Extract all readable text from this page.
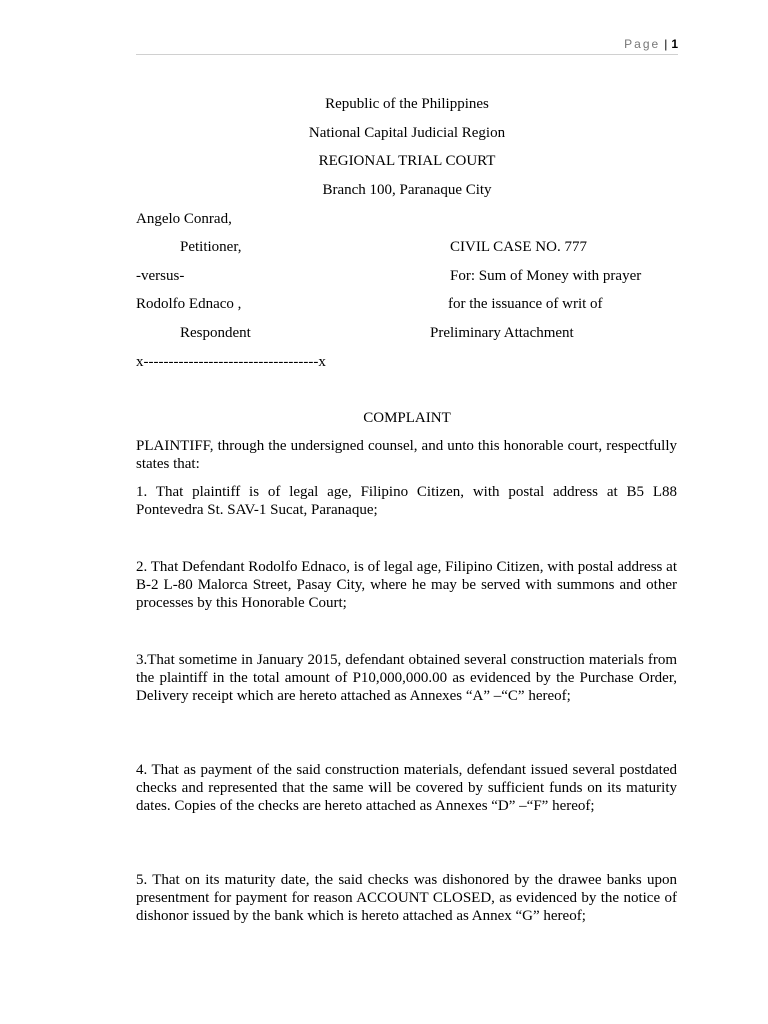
Page | 1
Republic of the Philippines
National Capital Judicial Region
REGIONAL TRIAL COURT
Branch 100, Paranaque City
Angelo Conrad,
Petitioner,	CIVIL CASE NO. 777
-versus-	For: Sum of Money with prayer
Rodolfo Ednaco ,	for the issuance of writ of
Respondent	Preliminary Attachment
x-----------------------------------x
COMPLAINT
PLAINTIFF, through the undersigned counsel, and unto this honorable court, respectfully states that:
1. That plaintiff is of legal age, Filipino Citizen, with postal address at B5 L88 Pontevedra St. SAV-1 Sucat, Paranaque;
2. That Defendant Rodolfo Ednaco, is of legal age, Filipino Citizen, with postal address at B-2 L-80 Malorca Street, Pasay City, where he may be served with summons and other processes by this Honorable Court;
3.That sometime in January 2015, defendant obtained several construction materials from the plaintiff in the total amount of P10,000,000.00 as evidenced by the Purchase Order, Delivery receipt which are hereto attached as Annexes “A” –“C” hereof;
4. That as payment of the said construction materials, defendant issued several postdated checks and represented that the same will be covered by sufficient funds on its maturity dates. Copies of the checks are hereto attached as Annexes “D” –“F” hereof;
5. That on its maturity date, the said checks was dishonored by the drawee banks upon presentment for payment for reason ACCOUNT CLOSED, as evidenced by the notice of dishonor issued by the bank which is hereto attached as Annex “G” hereof;
